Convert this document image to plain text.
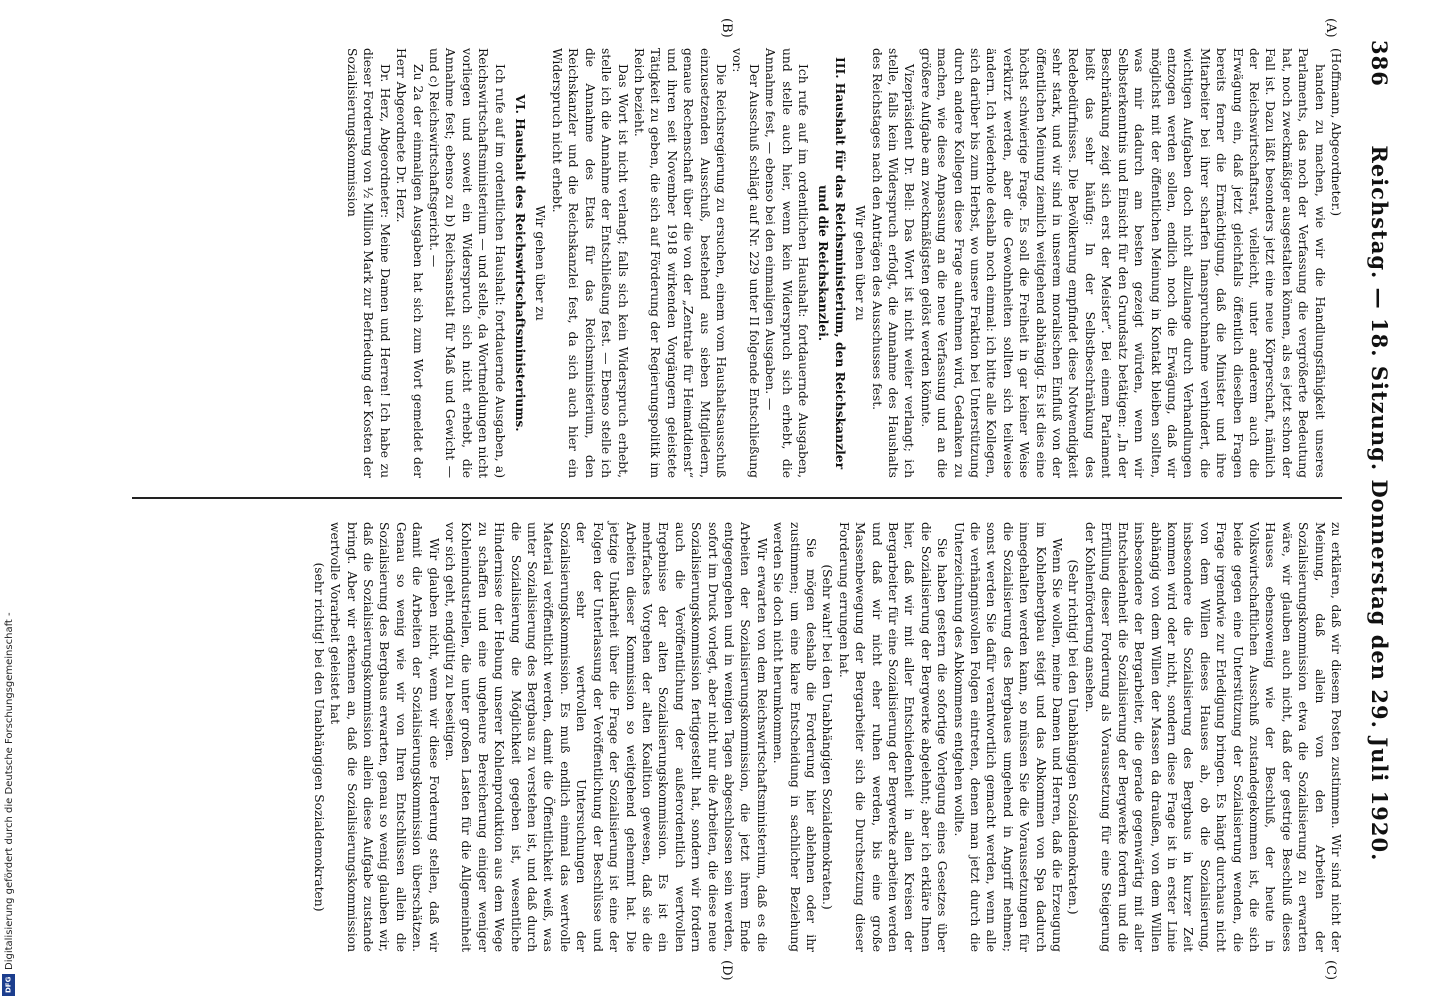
386
Reichstag. — 18. Sitzung. Donnerstag den 29. Juli 1920.
(A)
(B)
(C)
(D)

(Hoffmann, Abgeordneter.)

handen zu machen, wie wir die Handlungsfähigkeit unseres Parlaments, das noch der Verfassung die vergrößerte Bedeutung hat, noch zweckmäßiger ausgestalten können, als es jetzt schon der Fall ist. Dazu läßt besonders jetzt eine neue Körperschaft, nämlich der Reichswirtschaftsrat, vielleicht, unter anderem auch die Erwägung ein, daß jetzt gleichfalls öffentlich dieselben Fragen bereits ferner die Ermächtigung, daß die Minister und ihre Mitarbeiter bei ihrer scharfen Inanspruchnahme verhindert, die wichtigen Aufgaben doch nicht allzulange durch Verhandlungen entzogen werden sollen, endlich noch die Erwägung, daß wir möglichst mit der öffentlichen Meinung in Kontakt bleiben sollten, was mir dadurch am besten gezeigt würden, wenn wir Selbsterkenntnis und Einsicht für den Grundsatz betätigen: „In der Beschränkung zeigt sich erst der Meister“. Bei einem Parlament heißt das sehr häufig: In der Selbstbeschränkung des Redebedürfnisses. Die Bevölkerung empfindet diese Notwendigkeit sehr stark, und wir sind in unserem moralischen Einfluß von der öffentlichen Meinung ziemlich weitgehend abhängig. Es ist dies eine höchst schwierige Frage. Es soll die Freiheit in gar keiner Weise verkürzt werden, aber die Gewohnheiten sollten sich teilweise ändern. Ich wiederhole deshalb noch einmal: ich bitte alle Kollegen, sich darüber bis zum Herbst, wo unsere Fraktion bei Unterstützung durch andere Kollegen diese Frage aufnehmen wird, Gedanken zu machen, wie diese Anpassung an die neue Verfassung und an die größere Aufgabe am zweckmäßigsten gelöst werden könnte.

Vizepräsident Dr. Bell: Das Wort ist nicht weiter verlangt; ich stelle, falls kein Widerspruch erfolgt, die Annahme des Haushalts des Reichstages nach den Anträgen des Ausschusses fest.

Wir gehen über zu

III. Haushalt für das Reichsministerium, den Reichskanzler und die Reichskanzlei.

Ich rufe auf im ordentlichen Haushalt: fortdauernde Ausgaben, und stelle auch hier, wenn kein Widerspruch sich erhebt, die Annahme fest, — ebenso bei den einmaligen Ausgaben. —

Der Ausschuß schlägt auf Nr. 229 unter II folgende Entschließung vor:

Die Reichsregierung zu ersuchen, einem vom Haushaltsausschuß einzusetzenden Ausschuß, bestehend aus sieben Mitgliedern, genaue Rechenschaft über die von der „Zentrale für Heimatdienst“ und ihren seit November 1918 wirkenden Vorgängern geleistete Tätigkeit zu geben, die sich auf Förderung der Regierungspolitik im Reich bezieht.

Das Wort ist nicht verlangt; falls sich kein Widerspruch erhebt, stelle ich die Annahme der Entschließung fest. — Ebenso stelle ich die Annahme des Etats für das Reichsministerium, den Reichskanzler und die Reichskanzlei fest, da sich auch hier ein Widerspruch nicht erhebt.

Wir gehen über zu

VI. Haushalt des Reichswirtschaftsministeriums.

Ich rufe auf im ordentlichen Haushalt: fortdauernde Ausgaben, a) Reichswirtschaftsministerium — und stelle, da Wortmeldungen nicht vorliegen und soweit ein Widerspruch sich nicht erhebt, die Annahme fest; ebenso zu b) Reichsanstalt für Maß und Gewicht — und c) Reichswirtschaftsgericht. —

Zu 2a der einmaligen Ausgaben hat sich zum Wort gemeldet der Herr Abgeordnete Dr. Herz.

Dr. Herz, Abgeordneter: Meine Damen und Herren! Ich habe zu dieser Forderung von ½ Million Mark zur Befriedung der Kosten der Sozialisierungskommission

zu erklären, daß wir diesem Posten zustimmen. Wir sind nicht der Meinung, daß allein von den Arbeiten der Sozialisierungskommission etwa die Sozialisierung zu erwarten wäre, wir glauben auch nicht, daß der gestrige Beschluß dieses Hauses ebensowenig wie der Beschluß, der heute in Volkswirtschaftlichen Ausschuß zustandegekommen ist, die sich beide gegen eine Unterstützung der Sozialisierung wenden, die Frage irgendwie zur Erledigung bringen. Es hängt durchaus nicht von dem Willen dieses Hauses ab, ob die Sozialisierung, insbesondere die Sozialisierung des Bergbaus in kurzer Zeit kommen wird oder nicht, sondern diese Frage ist in erster Linie abhängig von dem Willen der Massen da draußen, von dem Willen insbesondere der Bergarbeiter, die gerade gegenwärtig mit aller Entschiedenheit die Sozialisierung der Bergwerke fordern und die Erfüllung dieser Forderung als Voraussetzung für eine Steigerung der Kohlenförderung ansehen.

(Sehr richtig! bei den Unabhängigen Sozialdemokraten.)

Wenn Sie wollen, meine Damen und Herren, daß die Erzeugung im Kohlenbergbau steigt und das Abkommen von Spa dadurch innegehalten werden kann, so müssen Sie die Voraussetzungen für die Sozialisierung des Bergbaues umgehend in Angriff nehmen; sonst werden Sie dafür verantwortlich gemacht werden, wenn alle die verhängnisvollen Folgen eintreten, denen man jetzt durch die Unterzeichnung des Abkommens entgehen wollte.

Sie haben gestern die sofortige Vorlegung eines Gesetzes über die Sozialisierung der Bergwerke abgelehnt; aber ich erkläre Ihnen hier, daß wir mit aller Entschiedenheit in allen Kreisen der Bergarbeiter für eine Sozialisierung der Bergwerke arbeiten werden und daß wir nicht eher ruhen werden, bis eine große Massenbewegung der Bergarbeiter sich die Durchsetzung dieser Forderung errungen hat.

(Sehr wahr! bei den Unabhängigen Sozialdemokraten.)

Sie mögen deshalb die Forderung hier ablehnen oder ihr zustimmen; um eine klare Entscheidung in sachlicher Beziehung werden Sie doch nicht herumkommen.

Wir erwarten von dem Reichswirtschaftsministerium, daß es die Arbeiten der Sozialisierungskommission, die jetzt ihrem Ende entgegengehen und in wenigen Tagen abgeschlossen sein werden, sofort im Druck vorlegt, aber nicht nur die Arbeiten, die diese neue Sozialisierungskommission fertiggestellt hat, sondern wir fordern auch die Veröffentlichung der außerordentlich wertvollen Ergebnisse der alten Sozialisierungskommission. Es ist ein mehrfaches Vorgehen der alten Koalition gewesen, daß sie die Arbeiten dieser Kommission so weitgehend gehemmt hat. Die jetzige Unklarheit über die Frage der Sozialisierung ist eine der Folgen der Unterlassung der Veröffentlichung der Beschlüsse und der sehr wertvollen Untersuchungen der Sozialisierungskommission. Es muß endlich einmal das wertvolle Material veröffentlicht werden, damit die Öffentlichkeit weiß, was unter Sozialisierung des Bergbaus zu verstehen ist, und daß durch die Sozialisierung die Möglichkeit gegeben ist, wesentliche Hindernisse der Hebung unserer Kohlenproduktion aus dem Wege zu schaffen und eine ungeheure Bereicherung einiger weniger Kohlenindustriellen, die unter großen Lasten für die Allgemeinheit vor sich geht, endgültig zu beseitigen.

Wir glauben nicht, wenn wir diese Forderung stellen, daß wir damit die Arbeiten der Sozialisierungskommission überschätzen. Genau so wenig wie wir von Ihren Entschlüssen allein die Sozialisierung des Bergbaus erwarten, genau so wenig glauben wir, daß die Sozialisierungskommission allein diese Aufgabe zustande bringt. Aber wir erkennen an, daß die Sozialisierungskommission wertvolle Vorarbeit geleistet hat

(sehr richtig! bei den Unabhängigen Sozialdemokraten)

Digitalisierung gefördert durch die Deutsche Forschungsgemeinschaft -
DFG
